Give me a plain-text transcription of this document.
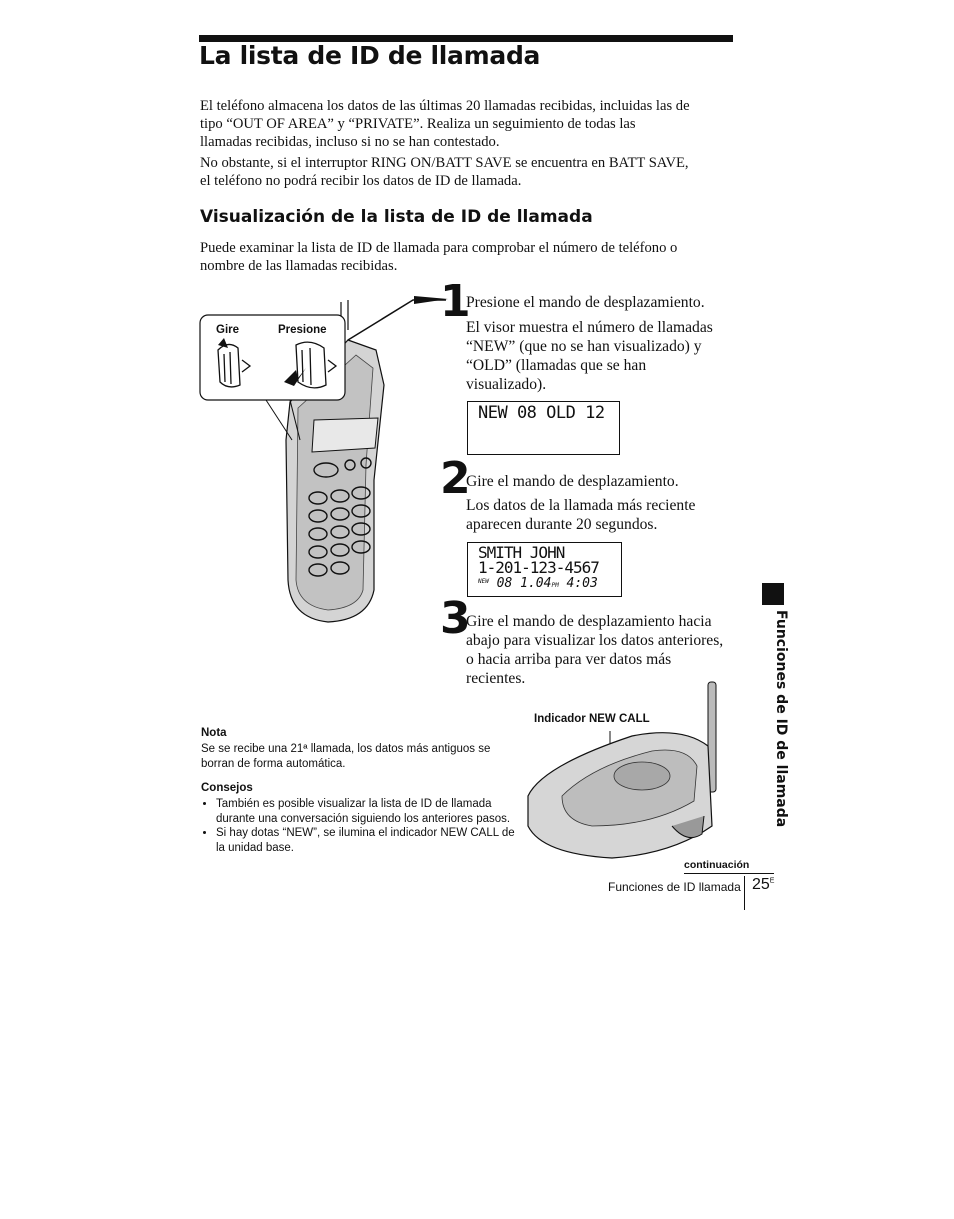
La lista de ID de llamada

El teléfono almacena los datos de las últimas 20 llamadas recibidas, incluidas las de tipo “OUT OF AREA” y “PRIVATE”. Realiza un seguimiento de todas las llamadas recibidas, incluso si no se han contestado.

No obstante, si el interruptor RING ON/BATT SAVE se encuentra en BATT SAVE, el teléfono no podrá recibir los datos de ID de llamada.

Visualización de la lista de ID de llamada

Puede examinar la lista de ID de llamada para comprobar el número de teléfono o nombre de las llamadas recibidas.

Gire	Presione
1
Presione el mando de desplazamiento.
El visor muestra el número de llamadas “NEW” (que no se han visualizado) y “OLD” (llamadas que se han visualizado).
NEW 08 OLD 12
2
Gire el mando de desplazamiento.
Los datos de la llamada más reciente aparecen durante 20 segundos.
SMITH JOHN
1-201-123-4567
$^{NEW}$ 08 1.04PM 4:03
3
Gire el mando de desplazamiento hacia abajo para visualizar los datos anteriores, o hacia arriba para ver datos más recientes.
Nota
Se se recibe una 21ª llamada, los datos más antiguos se borran de forma automática.
Consejos
• También es posible visualizar la lista de ID de llamada durante una conversación siguiendo los anteriores pasos.
• Si hay dotas “NEW”, se ilumina el indicador NEW CALL de la unidad base.
Indicador NEW CALL	Funciones de ID de llamada
continuación
Funciones de ID llamada $25^E$
